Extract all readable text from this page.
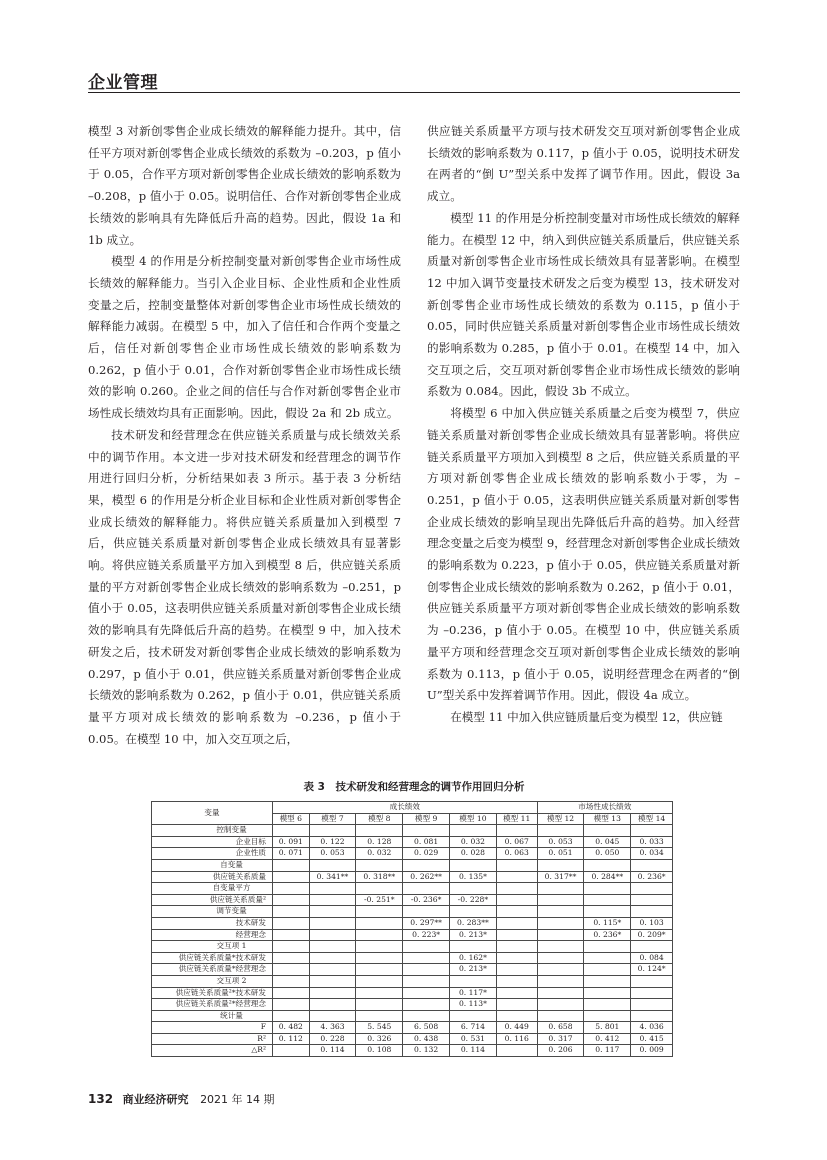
企业管理

模型 3 对新创零售企业成长绩效的解释能力提升。其中，信任平方项对新创零售企业成长绩效的系数为 –0.203，p 值小于 0.05，合作平方项对新创零售企业成长绩效的影响系数为 –0.208，p 值小于 0.05。说明信任、合作对新创零售企业成长绩效的影响具有先降低后升高的趋势。因此，假设 1a 和 1b 成立。

模型 4 的作用是分析控制变量对新创零售企业市场性成长绩效的解释能力。当引入企业目标、企业性质和企业性质变量之后，控制变量整体对新创零售企业市场性成长绩效的解释能力减弱。在模型 5 中，加入了信任和合作两个变量之后，信任对新创零售企业市场性成长绩效的影响系数为 0.262，p 值小于 0.01，合作对新创零售企业市场性成长绩效的影响 0.260。企业之间的信任与合作对新创零售企业市场性成长绩效均具有正面影响。因此，假设 2a 和 2b 成立。

技术研发和经营理念在供应链关系质量与成长绩效关系中的调节作用。本文进一步对技术研发和经营理念的调节作用进行回归分析，分析结果如表 3 所示。基于表 3 分析结果，模型 6 的作用是分析企业目标和企业性质对新创零售企业成长绩效的解释能力。将供应链关系质量加入到模型 7 后，供应链关系质量对新创零售企业成长绩效具有显著影响。将供应链关系质量平方加入到模型 8 后，供应链关系质量的平方对新创零售企业成长绩效的影响系数为 –0.251，p 值小于 0.05，这表明供应链关系质量对新创零售企业成长绩效的影响具有先降低后升高的趋势。在模型 9 中，加入技术研发之后，技术研发对新创零售企业成长绩效的影响系数为 0.297，p 值小于 0.01，供应链关系质量对新创零售企业成长绩效的影响系数为 0.262，p 值小于 0.01，供应链关系质量平方项对成长绩效的影响系数为 –0.236，p 值小于 0.05。在模型 10 中，加入交互项之后，

供应链关系质量平方项与技术研发交互项对新创零售企业成长绩效的影响系数为 0.117，p 值小于 0.05，说明技术研发在两者的“倒 U”型关系中发挥了调节作用。因此，假设 3a 成立。

模型 11 的作用是分析控制变量对市场性成长绩效的解释能力。在模型 12 中，纳入到供应链关系质量后，供应链关系质量对新创零售企业市场性成长绩效具有显著影响。在模型 12 中加入调节变量技术研发之后变为模型 13，技术研发对新创零售企业市场性成长绩效的系数为 0.115，p 值小于 0.05，同时供应链关系质量对新创零售企业市场性成长绩效的影响系数为 0.285，p 值小于 0.01。在模型 14 中，加入交互项之后，交互项对新创零售企业市场性成长绩效的影响系数为 0.084。因此，假设 3b 不成立。

将模型 6 中加入供应链关系质量之后变为模型 7，供应链关系质量对新创零售企业成长绩效具有显著影响。将供应链关系质量平方项加入到模型 8 之后，供应链关系质量的平方项对新创零售企业成长绩效的影响系数小于零，为 –0.251，p 值小于 0.05，这表明供应链关系质量对新创零售企业成长绩效的影响呈现出先降低后升高的趋势。加入经营理念变量之后变为模型 9，经营理念对新创零售企业成长绩效的影响系数为 0.223，p 值小于 0.05，供应链关系质量对新创零售企业成长绩效的影响系数为 0.262，p 值小于 0.01，供应链关系质量平方项对新创零售企业成长绩效的影响系数为 –0.236，p 值小于 0.05。在模型 10 中，供应链关系质量平方项和经营理念交互项对新创零售企业成长绩效的影响系数为 0.113，p 值小于 0.05，说明经营理念在两者的“倒 U”型关系中发挥着调节作用。因此，假设 4a 成立。

在模型 11 中加入供应链质量后变为模型 12，供应链

表 3　技术研发和经营理念的调节作用回归分析
变量	成长绩效						市场性成长绩效		
	模型 6	模型 7	模型 8	模型 9	模型 10	模型 11	模型 12	模型 13	模型 14
控制变量									
企业目标	0. 091	0. 122	0. 128	0. 081	0. 032	0. 067	0. 053	0. 045	0. 033
企业性质	0. 071	0. 053	0. 032	0. 029	0. 028	0. 063	0. 051	0. 050	0. 034
自变量									
供应链关系质量		0. 341**	0. 318**	0. 262**	0. 135*		0. 317**	0. 284**	0. 236*
自变量平方									
供应链关系质量²			-0. 251*	-0. 236*	-0. 228*				
调节变量									
技术研发				0. 297**	0. 283**			0. 115*	0. 103
经营理念				0. 223*	0. 213*			0. 236*	0. 209*
交互项 1									
供应链关系质量*技术研发					0. 162*				0. 084
供应链关系质量*经营理念					0. 213*				0. 124*
交互项 2									
供应链关系质量²*技术研发					0. 117*				
供应链关系质量²*经营理念					0. 113*				
统计量									
F	0. 482	4. 363	5. 545	6. 508	6. 714	0. 449	0. 658	5. 801	4. 036
R²	0. 112	0. 228	0. 326	0. 438	0. 531	0. 116	0. 317	0. 412	0. 415
△R²		0. 114	0. 108	0. 132	0. 114		0. 206	0. 117	0. 009
132 商业经济研究 2021 年 14 期
